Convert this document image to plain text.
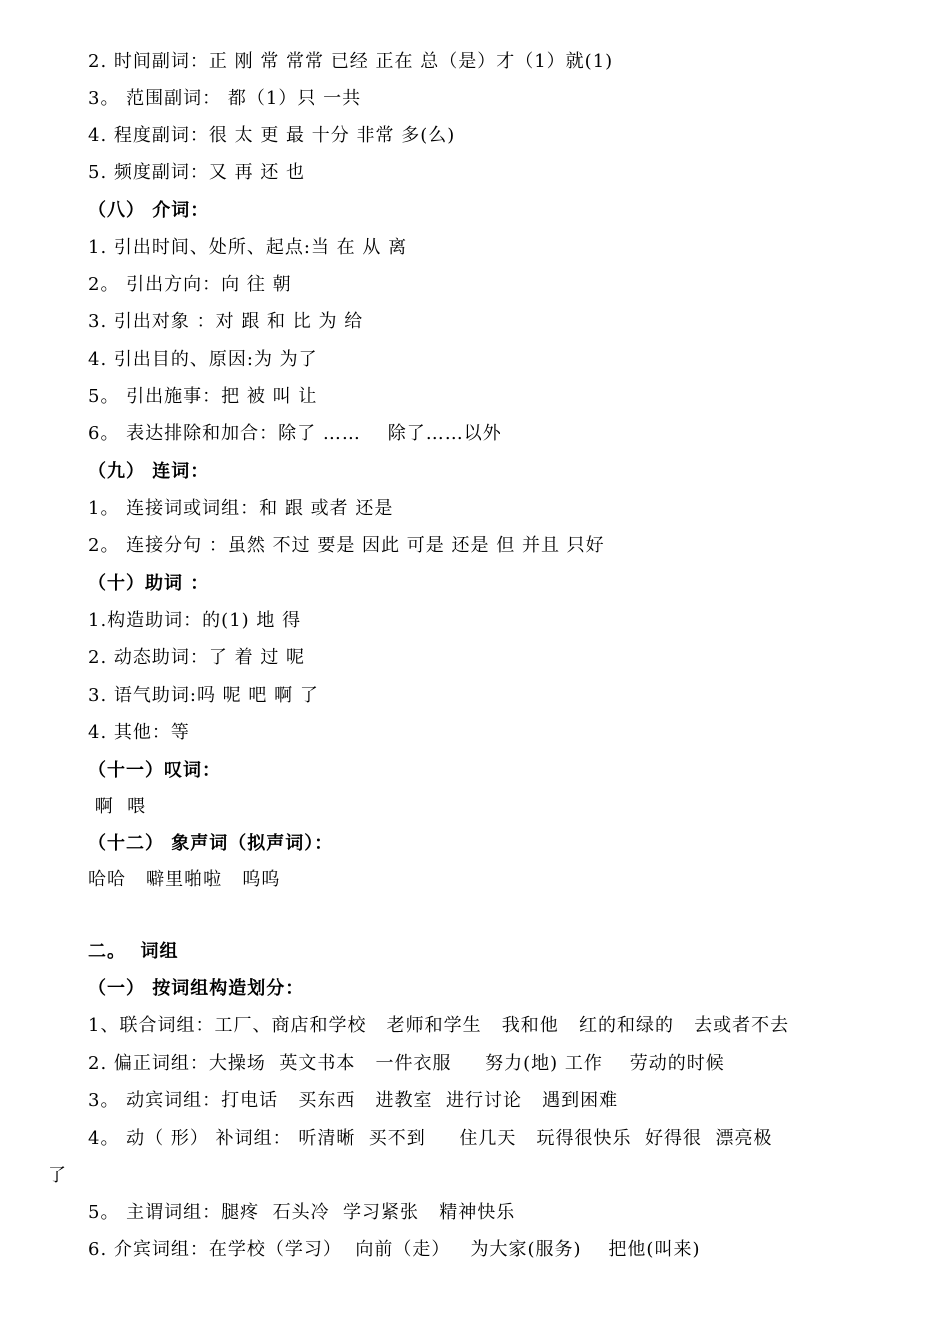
2. 时间副词：正 刚 常 常常 已经 正在 总（是）才（1）就(1)
3。 范围副词： 都（1）只 一共
4. 程度副词：很 太 更 最 十分 非常 多(么)
5. 频度副词：又 再 还 也
（八） 介词：
1. 引出时间、处所、起点:当 在 从 离
2。 引出方向：向 往 朝
3. 引出对象 ：对 跟 和 比 为 给
4. 引出目的、原因:为 为了
5。 引出施事：把 被 叫 让
6。 表达排除和加合：除了 ……    除了……以外
（九） 连词：
1。 连接词或词组：和 跟 或者 还是
2。 连接分句 ：虽然 不过 要是 因此 可是 还是 但 并且 只好
（十）助词 ：
1.构造助词：的(1) 地 得
2. 动态助词：了 着 过 呢
3. 语气助词:吗 呢 吧 啊 了
4. 其他：等
（十一）叹词：
啊  喂
（十二） 象声词（拟声词）：
哈哈   噼里啪啦   呜呜
二。  词组
（一） 按词组构造划分：
1、联合词组：工厂、商店和学校   老师和学生   我和他   红的和绿的   去或者不去
2. 偏正词组：大操场  英文书本   一件衣服     努力(地) 工作    劳动的时候
3。 动宾词组：打电话   买东西   进教室  进行讨论   遇到困难
4。 动（ 形） 补词组： 听清晰  买不到     住几天   玩得很快乐  好得很  漂亮极
了
5。 主谓词组：腿疼  石头冷  学习紧张   精神快乐
6. 介宾词组：在学校（学习）  向前（走）   为大家(服务)    把他(叫来)
